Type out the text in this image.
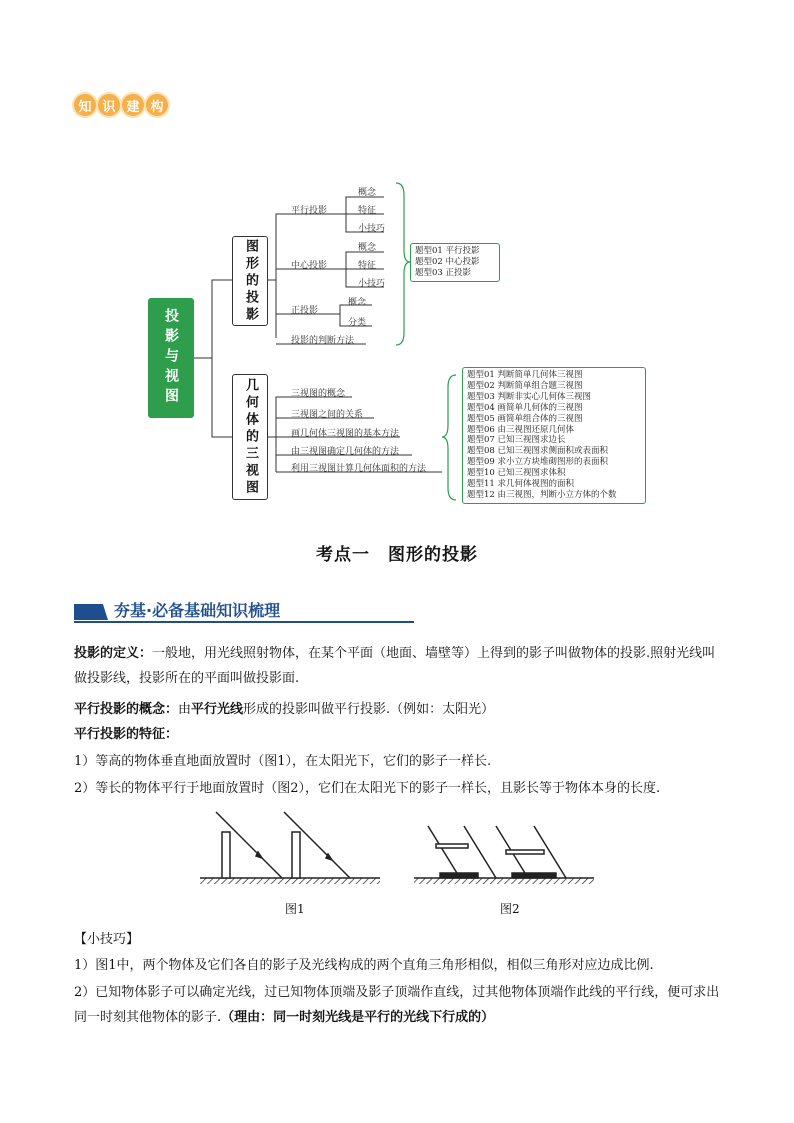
知 识 建 构
投影与视图
图形的投影
几何体的三视图
平行投影
中心投影
正投影
投影的判断方法
概念
特征
小技巧
概念
特征
小技巧
概念
分类
题型01 平行投影
题型02 中心投影
题型03 正投影
三视图的概念
三视图之间的关系
画几何体三视图的基本方法
由三视图确定几何体的方法
利用三视图计算几何体面积的方法
题型01 判断简单几何体三视图
题型02 判断简单组合题三视图
题型03 判断非实心几何体三视图
题型04 画简单几何体的三视图
题型05 画简单组合体的三视图
题型06 由三视图还原几何体
题型07 已知三视图求边长
题型08 已知三视图求侧面积或表面积
题型09 求小立方块堆砌图形的表面积
题型10 已知三视图求体积
题型11 求几何体视图的面积
题型12 由三视图，判断小立方体的个数
考点一　图形的投影
夯基·必备基础知识梳理
投影的定义：一般地，用光线照射物体，在某个平面（地面、墙壁等）上得到的影子叫做物体的投影.照射光线叫做投影线，投影所在的平面叫做投影面.
平行投影的概念：由平行光线形成的投影叫做平行投影.（例如：太阳光）
平行投影的特征：
1）等高的物体垂直地面放置时（图1），在太阳光下，它们的影子一样长.
2）等长的物体平行于地面放置时（图2），它们在太阳光下的影子一样长，且影长等于物体本身的长度.
图1	图2
【小技巧】
1）图1中，两个物体及它们各自的影子及光线构成的两个直角三角形相似，相似三角形对应边成比例.
2）已知物体影子可以确定光线，过已知物体顶端及影子顶端作直线，过其他物体顶端作此线的平行线，便可求出同一时刻其他物体的影子.（理由：同一时刻光线是平行的光线下行成的）
